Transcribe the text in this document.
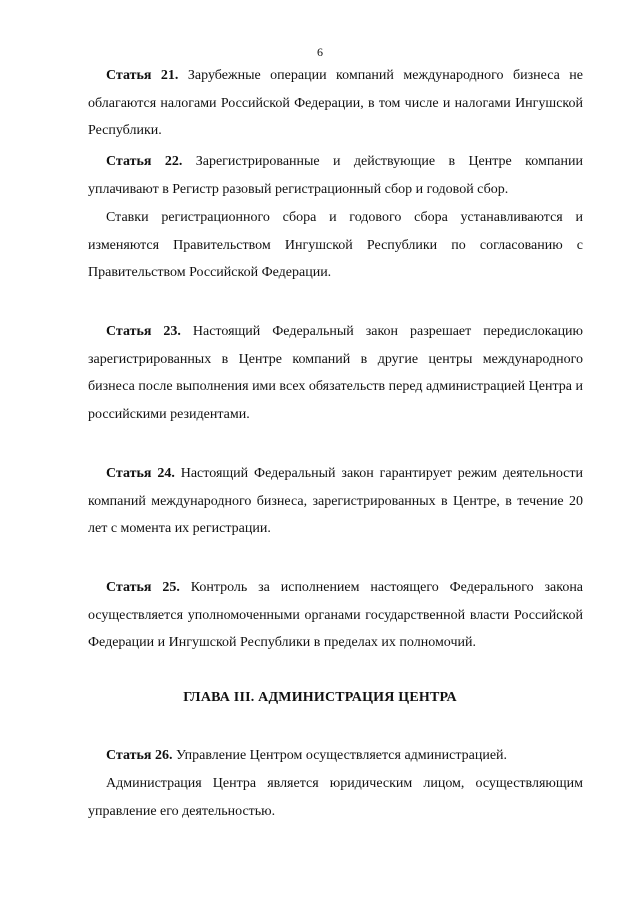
6

Статья 21. Зарубежные операции компаний международного бизнеса не облагаются налогами Российской Федерации, в том числе и налогами Ингушской Республики.

Статья 22. Зарегистрированные и действующие в Центре компании уплачивают в Регистр разовый регистрационный сбор и годовой сбор.

Ставки регистрационного сбора и годового сбора устанавливаются и изменяются Правительством Ингушской Республики по согласованию с Правительством Российской Федерации.

Статья 23. Настоящий Федеральный закон разрешает передислокацию зарегистрированных в Центре компаний в другие центры международного бизнеса после выполнения ими всех обязательств перед администрацией Центра и российскими резидентами.

Статья 24. Настоящий Федеральный закон гарантирует режим деятельности компаний международного бизнеса, зарегистрированных в Центре, в течение 20 лет с момента их регистрации.

Статья 25. Контроль за исполнением настоящего Федерального закона осуществляется уполномоченными органами государственной власти Российской Федерации и Ингушской Республики в пределах их полномочий.

ГЛАВА III. АДМИНИСТРАЦИЯ ЦЕНТРА

Статья 26. Управление Центром осуществляется администрацией.

Администрация Центра является юридическим лицом, осуществляющим управление его деятельностью.
